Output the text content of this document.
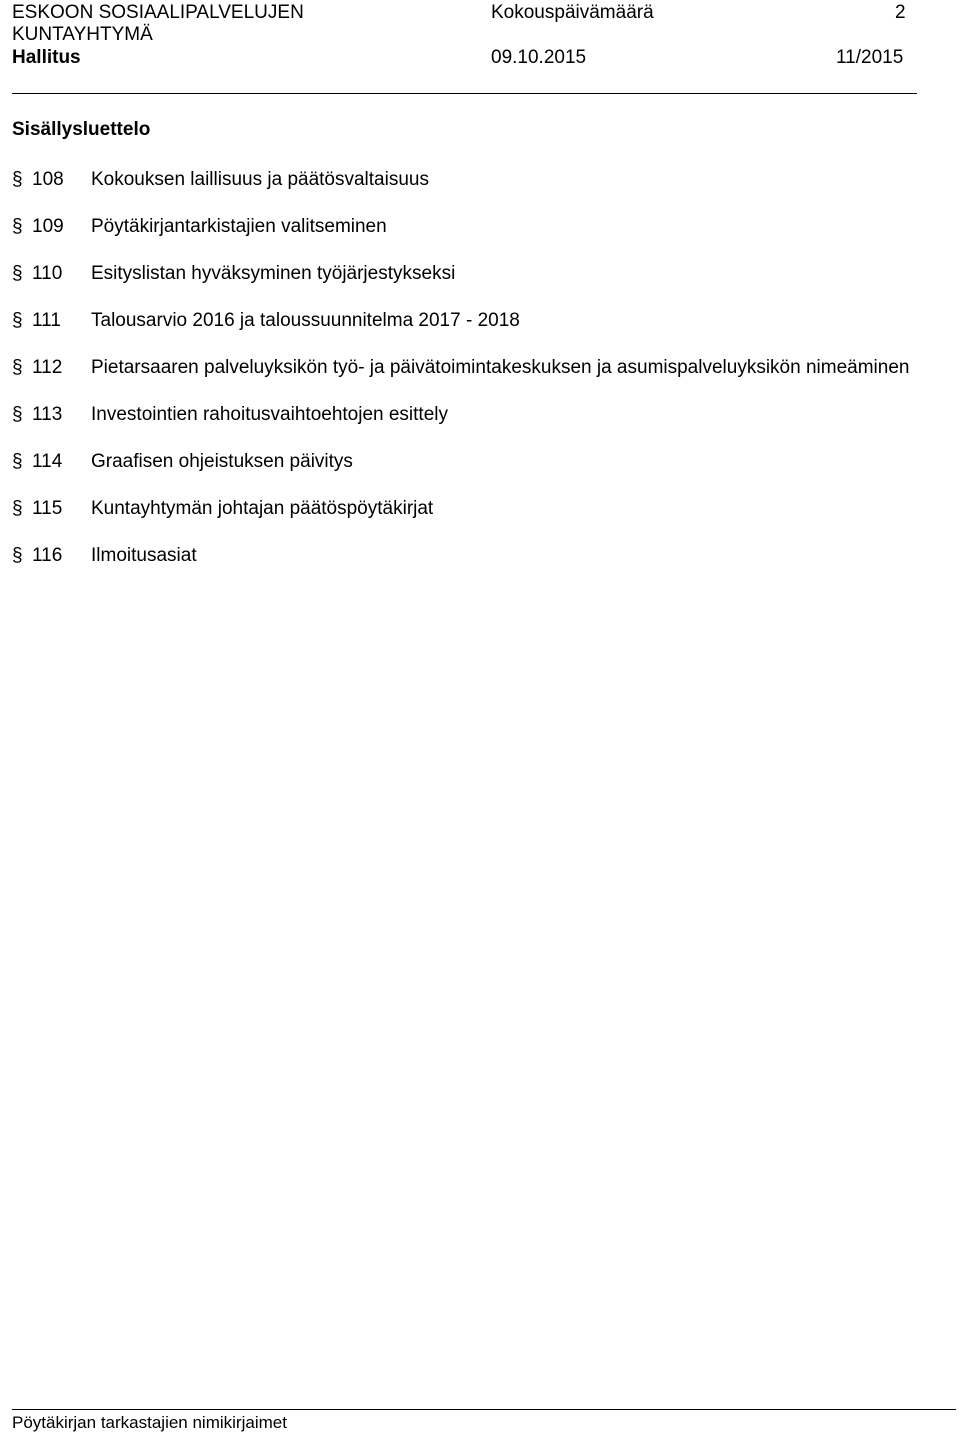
ESKOON SOSIAALIPALVELUJEN
KUNTAYHTYMÄ
Hallitus
Kokouspäivämäärä
09.10.2015
2
11/2015
Sisällysluettelo
§ 108	Kokouksen laillisuus ja päätösvaltaisuus
§ 109	Pöytäkirjantarkistajien valitseminen
§ 110	Esityslistan hyväksyminen työjärjestykseksi
§ 111	Talousarvio 2016 ja taloussuunnitelma 2017 - 2018
§ 112	Pietarsaaren palveluyksikön työ- ja päivätoimintakeskuksen ja asumispalveluyksikön nimeäminen
§ 113	Investointien rahoitusvaihtoehtojen esittely
§ 114	Graafisen ohjeistuksen päivitys
§ 115	Kuntayhtymän johtajan päätöspöytäkirjat
§ 116	Ilmoitusasiat
Pöytäkirjan tarkastajien nimikirjaimet
